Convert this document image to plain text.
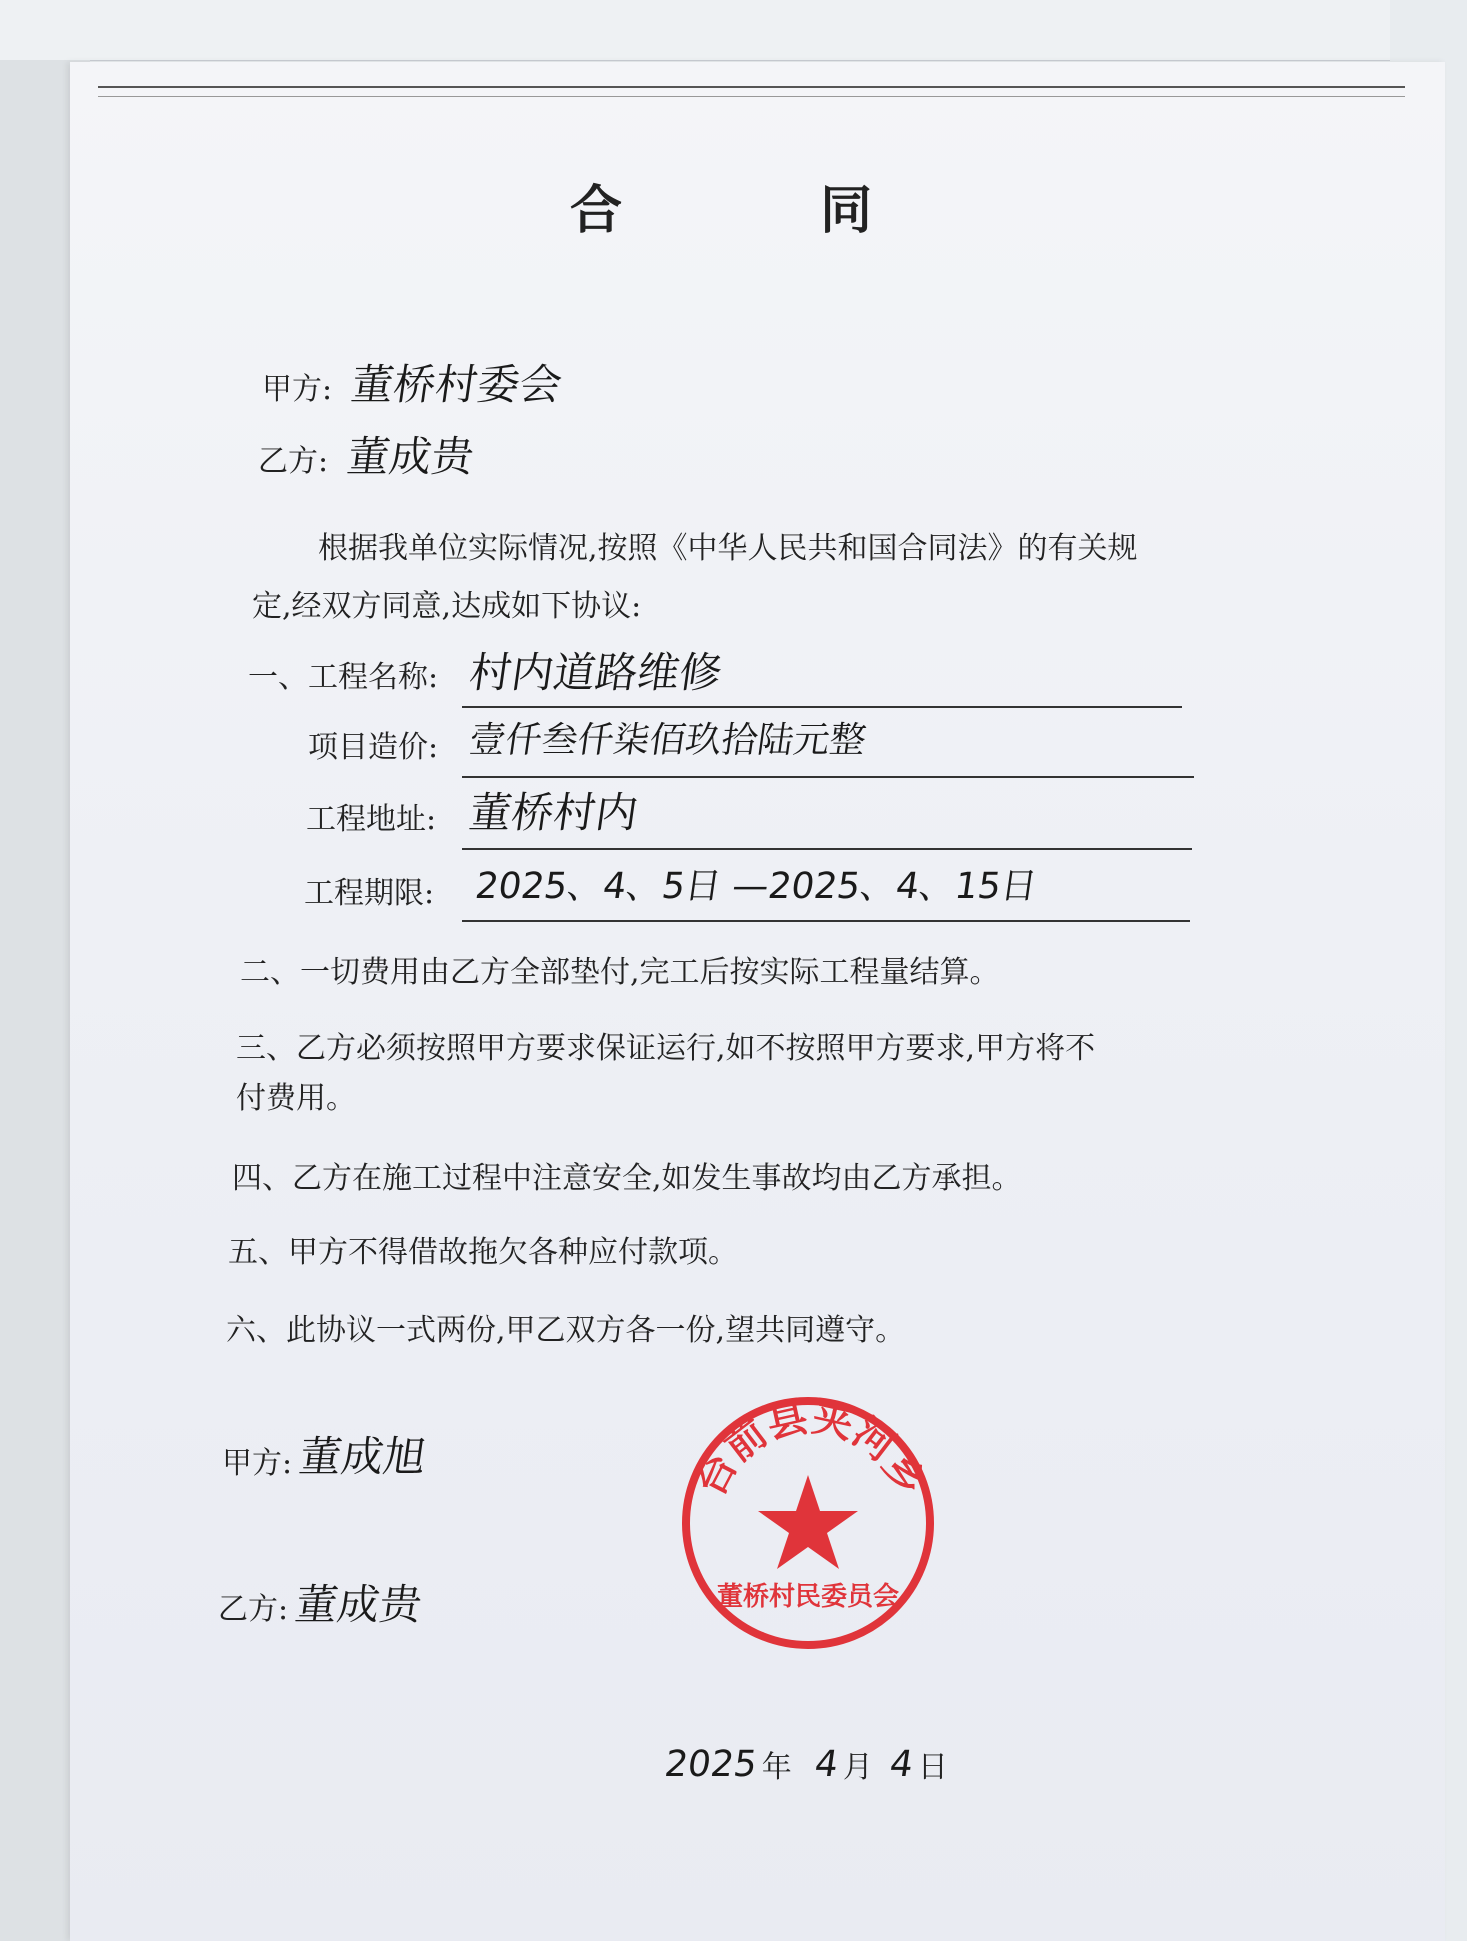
合 同
甲方: 董桥村委会
乙方: 董成贵
根据我单位实际情况,按照《中华人民共和国合同法》的有关规
定,经双方同意,达成如下协议:
一、工程名称: 村内道路维修
项目造价: 壹仟叁仟柒佰玖拾陆元整
工程地址: 董桥村内
工程期限: 2025、4、5日 —2025、4、15日
二、一切费用由乙方全部垫付,完工后按实际工程量结算。
三、乙方必须按照甲方要求保证运行,如不按照甲方要求,甲方将不
付费用。
四、乙方在施工过程中注意安全,如发生事故均由乙方承担。
五、甲方不得借故拖欠各种应付款项。
六、此协议一式两份,甲乙双方各一份,望共同遵守。
甲方: 董成旭
乙方: 董成贵
台前县夹河乡
董桥村民委员会
2025 年 4 月 4 日
